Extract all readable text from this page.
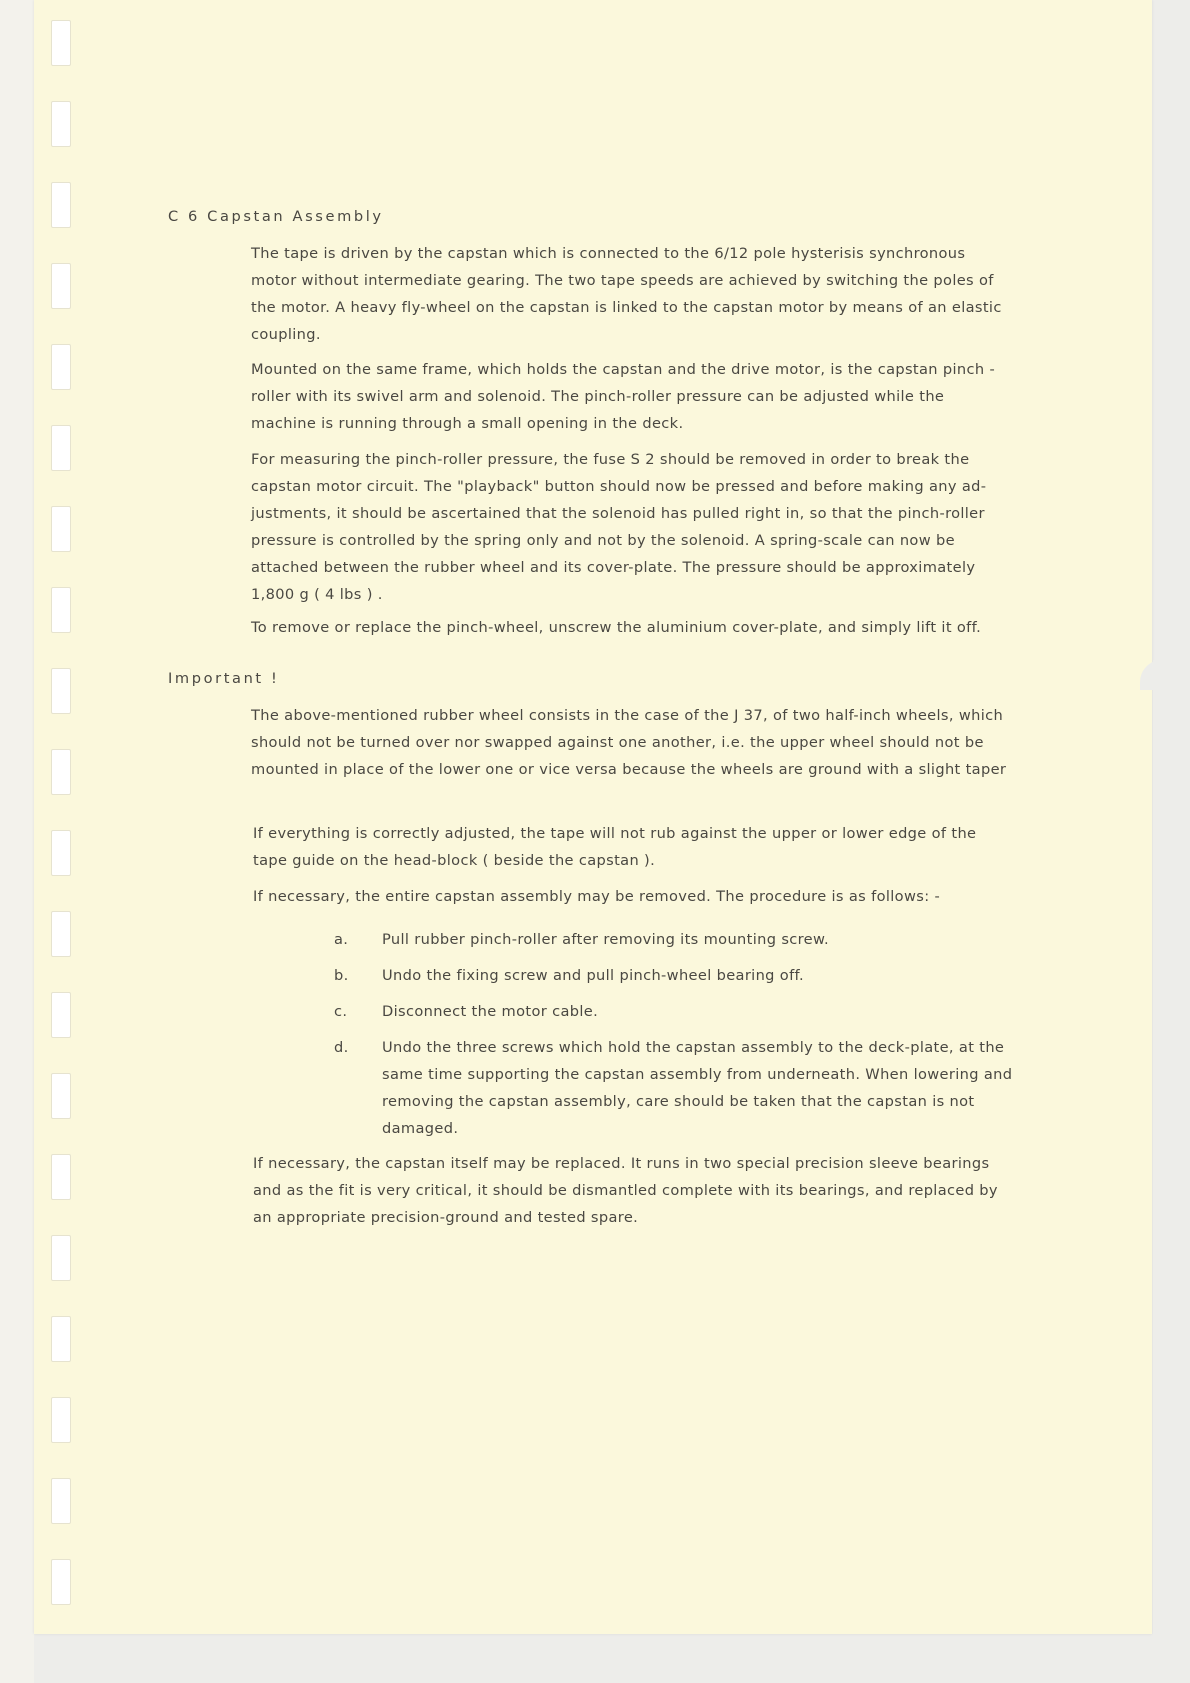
C 6 Capstan Assembly

The tape is driven by the capstan which is connected to the 6/12 pole hysterisis synchronous motor without intermediate gearing. The two tape speeds are achieved by switching the poles of the motor. A heavy fly-wheel on the capstan is linked to the capstan motor by means of an elastic coupling.

Mounted on the same frame, which holds the capstan and the drive motor, is the capstan pinch - roller with its swivel arm and solenoid. The pinch-roller pressure can be adjusted while the machine is running through a small opening in the deck.

For measuring the pinch-roller pressure, the fuse S 2 should be removed in order to break the capstan motor circuit. The "playback" button should now be pressed and before making any ad- justments, it should be ascertained that the solenoid has pulled right in, so that the pinch-roller pressure is controlled by the spring only and not by the solenoid. A spring-scale can now be attached between the rubber wheel and its cover-plate. The pressure should be approximately 1,800 g ( 4 lbs ) .

To remove or replace the pinch-wheel, unscrew the aluminium cover-plate, and simply lift it off.

Important !

The above-mentioned rubber wheel consists in the case of the J 37, of two half-inch wheels, which should not be turned over nor swapped against one another, i.e. the upper wheel should not be mounted in place of the lower one or vice versa because the wheels are ground with a slight taper

If everything is correctly adjusted, the tape will not rub against the upper or lower edge of the tape guide on the head-block ( beside the capstan ).

If necessary, the entire capstan assembly may be removed. The procedure is as follows: -

a.	Pull rubber pinch-roller after removing its mounting screw.
b.	Undo the fixing screw and pull pinch-wheel bearing off.
c.	Disconnect the motor cable.
d.	Undo the three screws which hold the capstan assembly to the deck-plate, at the same time supporting the capstan assembly from underneath. When lowering and removing the capstan assembly, care should be taken that the capstan is not damaged.

If necessary, the capstan itself may be replaced. It runs in two special precision sleeve bearings and as the fit is very critical, it should be dismantled complete with its bearings, and replaced by an appropriate precision-ground and tested spare.
